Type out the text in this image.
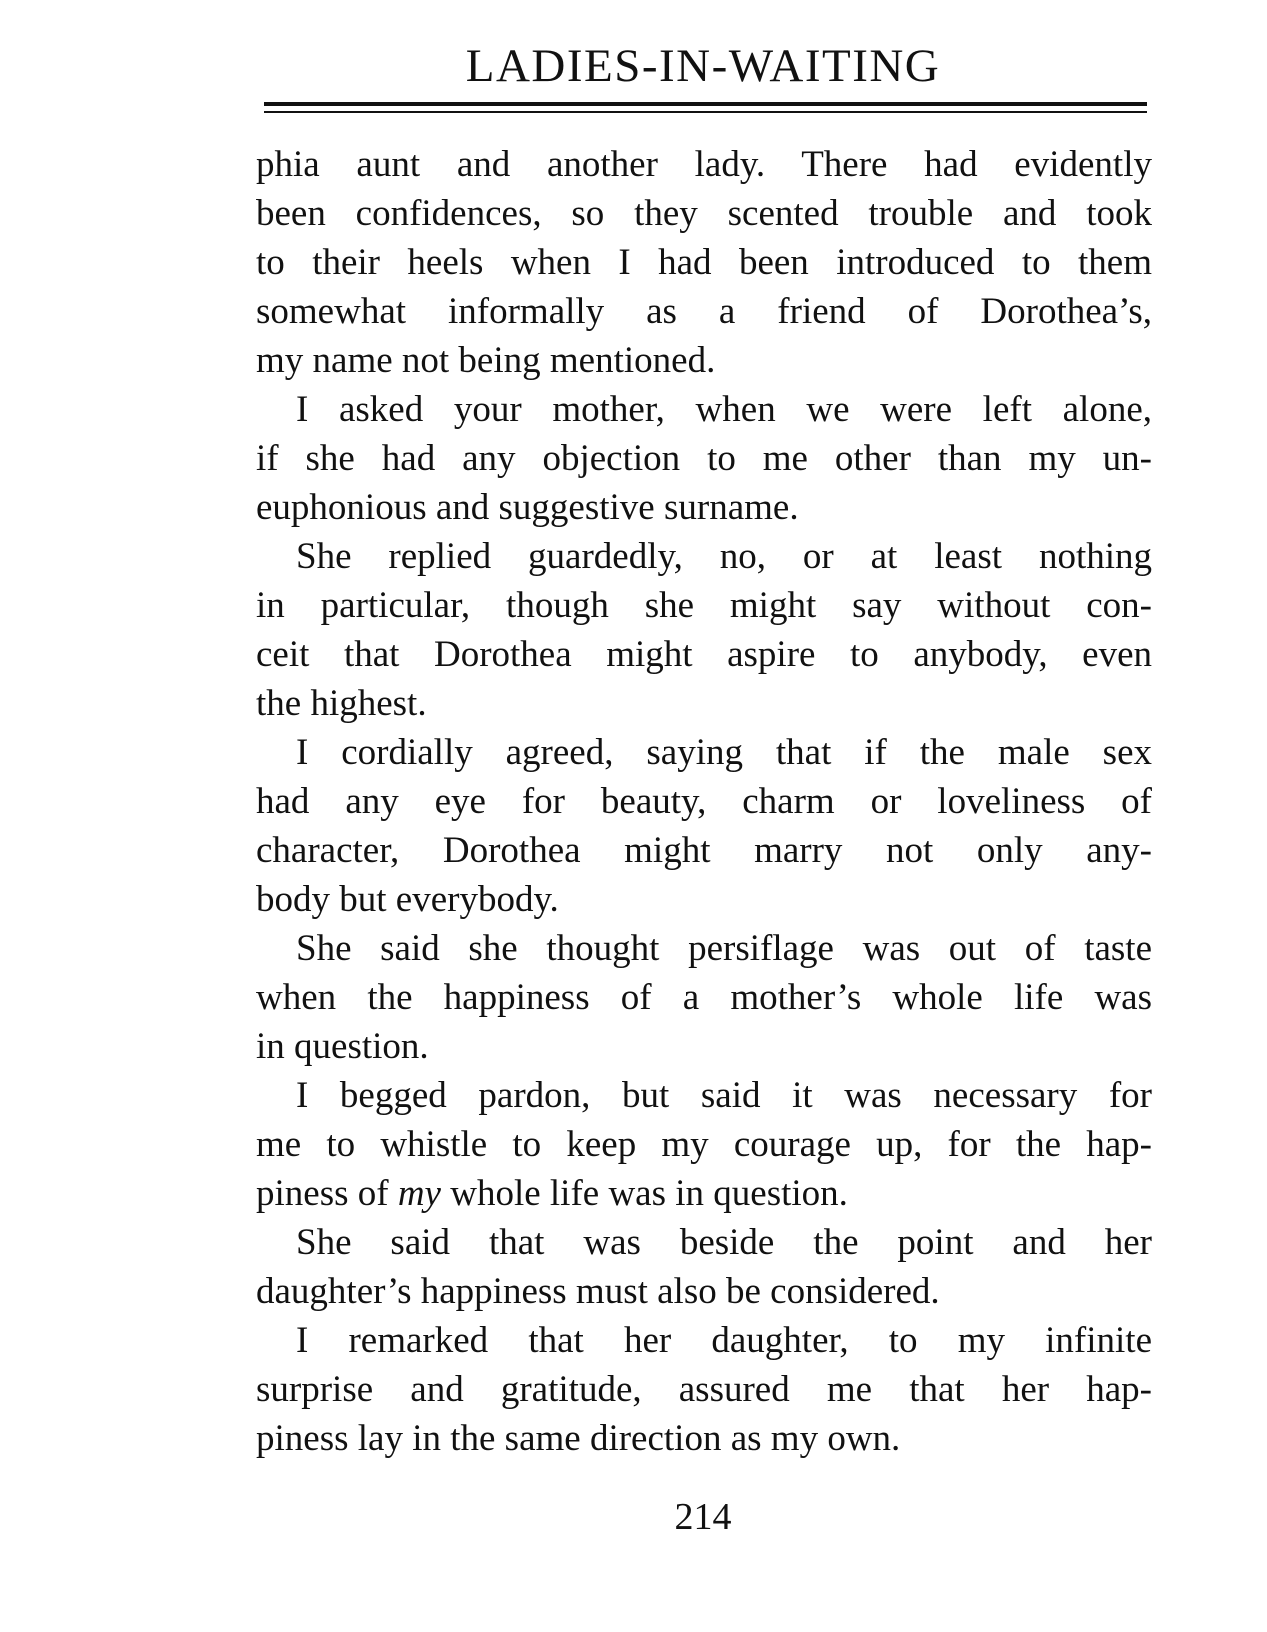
LADIES-IN-WAITING
phia aunt and another lady. There had evidently
been confidences, so they scented trouble and took
to their heels when I had been introduced to them
somewhat informally as a friend of Dorothea’s,
my name not being mentioned.
I asked your mother, when we were left alone,
if she had any objection to me other than my un-
euphonious and suggestive surname.
She replied guardedly, no, or at least nothing
in particular, though she might say without con-
ceit that Dorothea might aspire to anybody, even
the highest.
I cordially agreed, saying that if the male sex
had any eye for beauty, charm or loveliness of
character, Dorothea might marry not only any-
body but everybody.
She said she thought persiflage was out of taste
when the happiness of a mother’s whole life was
in question.
I begged pardon, but said it was necessary for
me to whistle to keep my courage up, for the hap-
piness of my whole life was in question.
She said that was beside the point and her
daughter’s happiness must also be considered.
I remarked that her daughter, to my infinite
surprise and gratitude, assured me that her hap-
piness lay in the same direction as my own.
214
